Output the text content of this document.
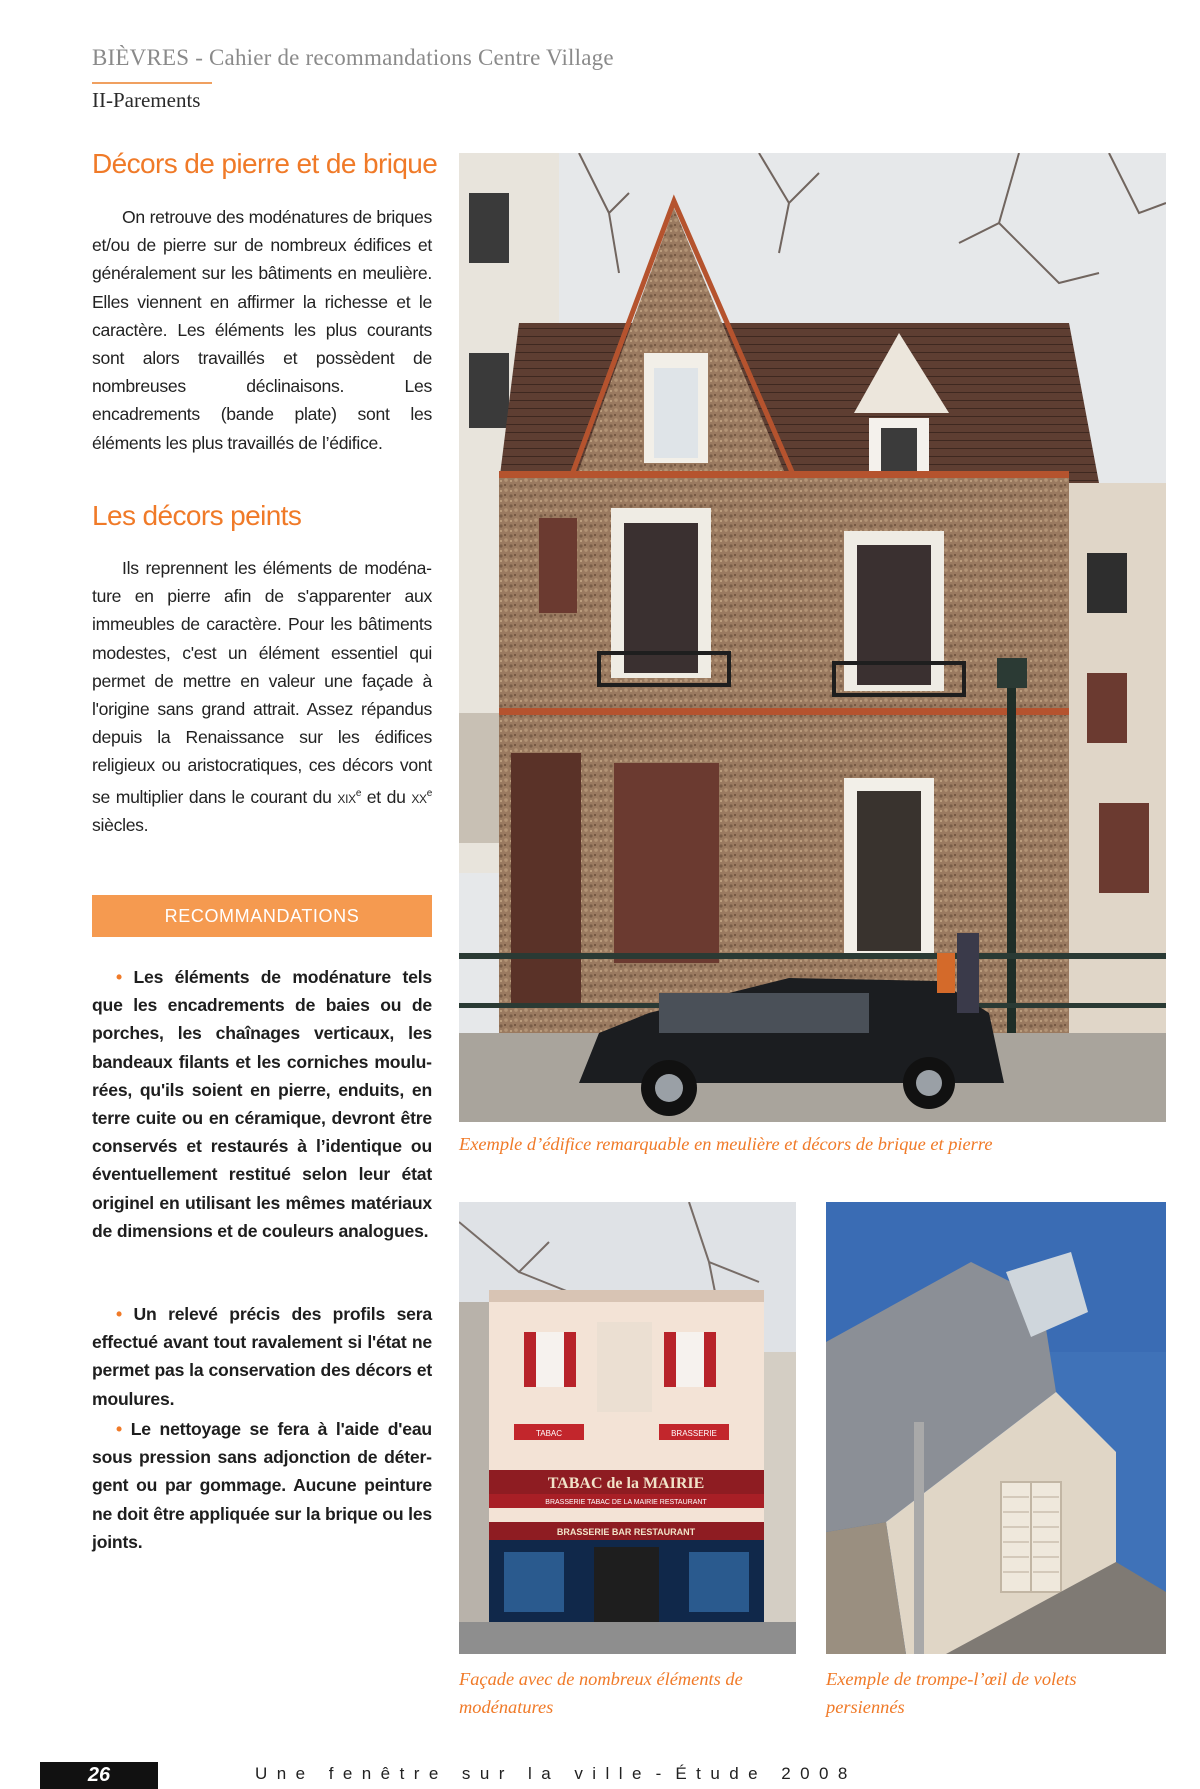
BIÈVRES - Cahier de recommandations Centre Village
II-Parements
Décors de pierre et de brique

On retrouve des modénatures de briques et/ou de pierre sur de nombreux édifices et généralement sur les bâtiments en meulière. Elles viennent en affirmer la richesse et le caractère. Les éléments les plus courants sont alors travaillés et possèdent de nombreuses déclinaisons. Les encadrements (bande plate) sont les éléments les plus travaillés de l’édifice.

Les décors peints

Ils reprennent les éléments de modénature en pierre afin de s'apparenter aux immeubles de caractère. Pour les bâtiments modestes, c'est un élément essentiel qui permet de mettre en valeur une façade à l'origine sans grand attrait. Assez répandus depuis la Renaissance sur les édifices religieux ou aristocratiques, ces décors vont se multiplier dans le courant du xix$^e$ et du $xx^e$ siècles.

RECOMMANDATIONS

• Les éléments de modénature tels que les encadrements de baies ou de porches, les chaînages verticaux, les bandeaux filants et les corniches moulurées, qu'ils soient en pierre, enduits, en terre cuite ou en céramique, devront être conservés et restaurés à l’identique ou éventuellement restitué selon leur état originel en utilisant les mêmes matériaux de dimensions et de couleurs analogues.

• Un relevé précis des profils sera effectué avant tout ravalement si l'état ne permet pas la conservation des décors et moulures.

• Le nettoyage se fera à l'aide d'eau sous pression sans adjonction de détergent ou par gommage. Aucune peinture ne doit être appliquée sur la brique ou les joints.

Exemple d’édifice remarquable en meulière et décors de brique et pierre
TABAC	BRASSERIE
TABAC de la MAIRIE
BRASSERIE TABAC DE LA MAIRIE RESTAURANT
BRASSERIE BAR RESTAURANT
Façade avec de nombreux éléments de modénatures
Exemple de trompe-l’œil de volets persiennés
26	U  n  e     f  e  n  ê  t  r  e     s  u  r     l  a     v  i  l  l  e   -   É  t  u  d  e     2  0  0  8
